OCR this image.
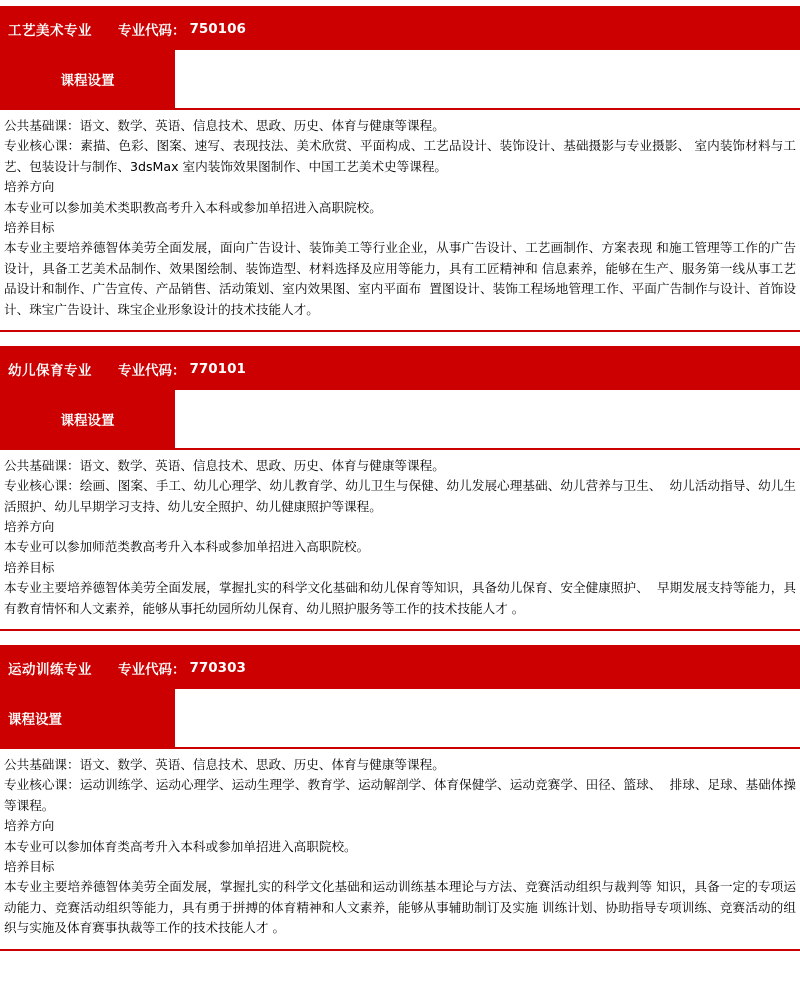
工艺美术专业 专业代码： 750106
课程设置
公共基础课：语文、数学、英语、信息技术、思政、历史、体育与健康等课程。
专业核心课：素描、色彩、图案、速写、表现技法、美术欣赏、平面构成、工艺品设计、装饰设计、基础摄影与专业摄影、 室内装饰材料与工艺、包装设计与制作、3dsMax 室内装饰效果图制作、中国工艺美术史等课程。
培养方向
本专业可以参加美术类职教高考升入本科或参加单招进入高职院校。
培养目标
本专业主要培养德智体美劳全面发展，面向广告设计、装饰美工等行业企业，从事广告设计、工艺画制作、方案表现 和施工管理等工作的广告设计，具备工艺美术品制作、效果图绘制、装饰造型、材料选择及应用等能力，具有工匠精神和 信息素养，能够在生产、服务第一线从事工艺品设计和制作、广告宣传、产品销售、活动策划、室内效果图、室内平面布  置图设计、装饰工程场地管理工作、平面广告制作与设计、首饰设计、珠宝广告设计、珠宝企业形象设计的技术技能人才。
幼儿保育专业 专业代码： 770101
课程设置
公共基础课：语文、数学、英语、信息技术、思政、历史、体育与健康等课程。
专业核心课：绘画、图案、手工、幼儿心理学、幼儿教育学、幼儿卫生与保健、幼儿发展心理基础、幼儿营养与卫生、  幼儿活动指导、幼儿生活照护、幼儿早期学习支持、幼儿安全照护、幼儿健康照护等课程。
培养方向
本专业可以参加师范类教高考升入本科或参加单招进入高职院校。
培养目标
本专业主要培养德智体美劳全面发展，掌握扎实的科学文化基础和幼儿保育等知识，具备幼儿保育、安全健康照护、  早期发展支持等能力，具有教育情怀和人文素养，能够从事托幼园所幼儿保育、幼儿照护服务等工作的技术技能人才 。
运动训练专业 专业代码： 770303
课程设置
公共基础课：语文、数学、英语、信息技术、思政、历史、体育与健康等课程。
专业核心课：运动训练学、运动心理学、运动生理学、教育学、运动解剖学、体育保健学、运动竞赛学、田径、篮球、  排球、足球、基础体操等课程。
培养方向
本专业可以参加体育类高考升入本科或参加单招进入高职院校。
培养目标
本专业主要培养德智体美劳全面发展，掌握扎实的科学文化基础和运动训练基本理论与方法、竞赛活动组织与裁判等 知识，具备一定的专项运动能力、竞赛活动组织等能力，具有勇于拼搏的体育精神和人文素养，能够从事辅助制订及实施 训练计划、协助指导专项训练、竞赛活动的组织与实施及体育赛事执裁等工作的技术技能人才 。
